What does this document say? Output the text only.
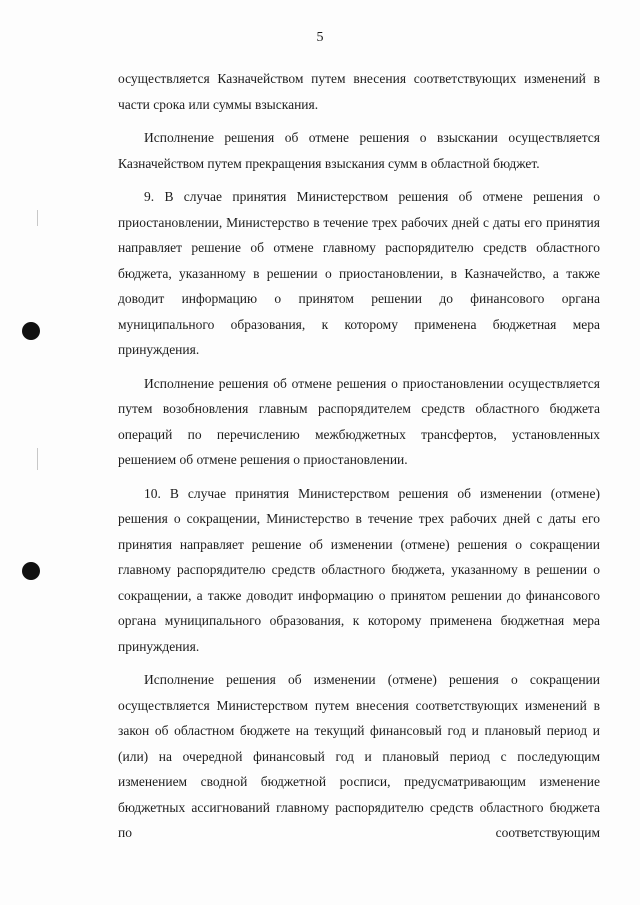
5

осуществляется Казначейством путем внесения соответствующих изменений в части срока или суммы взыскания.

Исполнение решения об отмене решения о взыскании осуществляется Казначейством путем прекращения взыскания сумм в областной бюджет.

9. В случае принятия Министерством решения об отмене решения о приостановлении, Министерство в течение трех рабочих дней с даты его принятия направляет решение об отмене главному распорядителю средств областного бюджета, указанному в решении о приостановлении, в Казначейство, а также доводит информацию о принятом решении до финансового органа муниципального образования, к которому применена бюджетная мера принуждения.

Исполнение решения об отмене решения о приостановлении осуществляется путем возобновления главным распорядителем средств областного бюджета операций по перечислению межбюджетных трансфертов, установленных решением об отмене решения о приостановлении.

10. В случае принятия Министерством решения об изменении (отмене) решения о сокращении, Министерство в течение трех рабочих дней с даты его принятия направляет решение об изменении (отмене) решения о сокращении главному распорядителю средств областного бюджета, указанному в решении о сокращении, а также доводит информацию о принятом решении до финансового органа муниципального образования, к которому применена бюджетная мера принуждения.

Исполнение решения об изменении (отмене) решения о сокращении осуществляется Министерством путем внесения соответствующих изменений в закон об областном бюджете на текущий финансовый год и плановый период и (или) на очередной финансовый год и плановый период с последующим изменением сводной бюджетной росписи, предусматривающим изменение бюджетных ассигнований главному распорядителю средств областного бюджета по соответствующим
